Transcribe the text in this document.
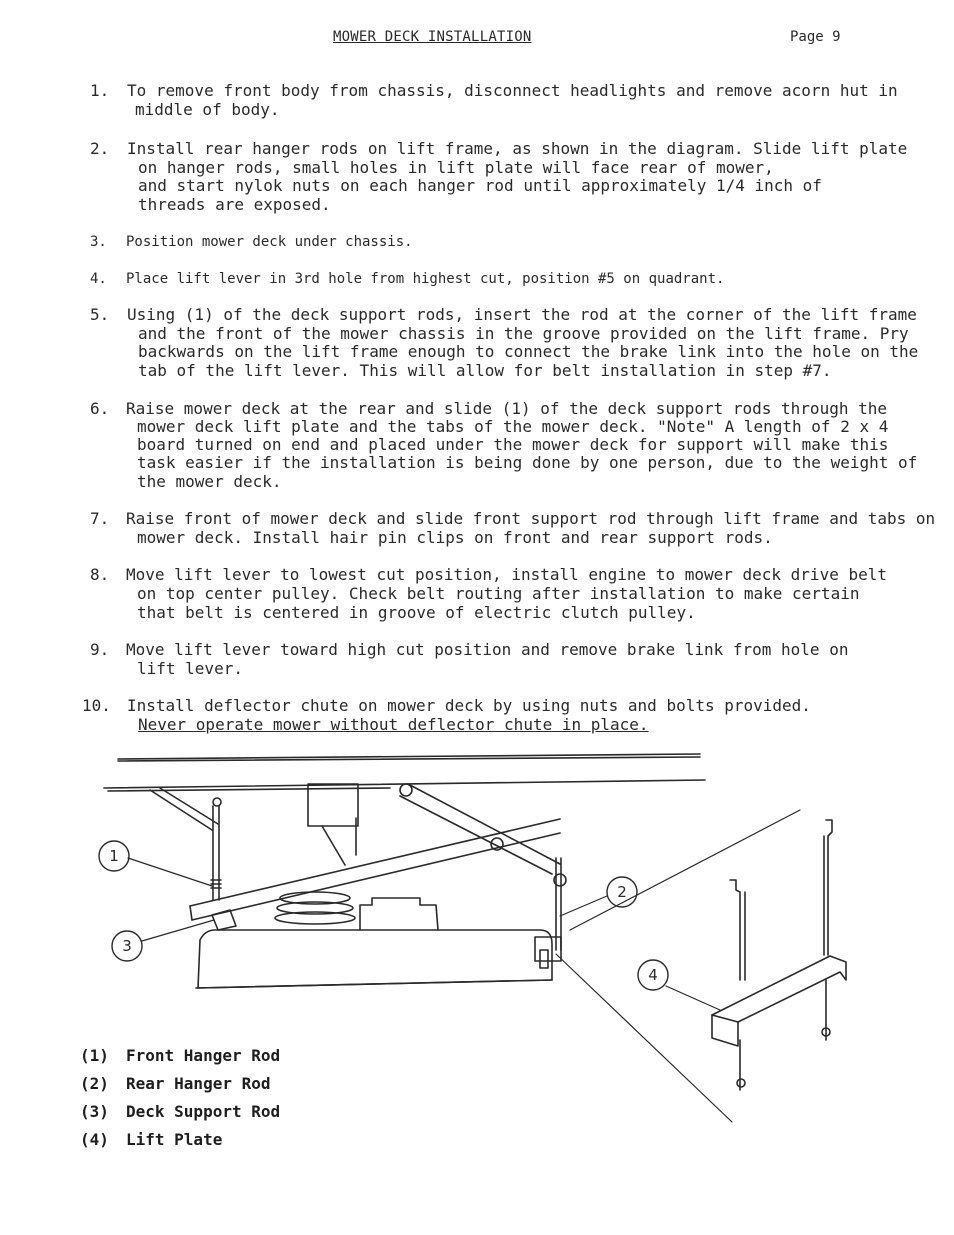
MOWER DECK INSTALLATION	Page 9

1.

To remove front body from chassis, disconnect headlights and remove acorn hut in

middle of body.

2.

Install rear hanger rods on lift frame, as shown in the diagram. Slide lift plate

on hanger rods, small holes in lift plate will face rear of mower,

and start nylok nuts on each hanger rod until approximately 1/4 inch of

threads are exposed.

3.

Position mower deck under chassis.

4.

Place lift lever in 3rd hole from highest cut, position #5 on quadrant.

5.

Using (1) of the deck support rods, insert the rod at the corner of the lift frame

and the front of the mower chassis in the groove provided on the lift frame. Pry

backwards on the lift frame enough to connect the brake link into the hole on the

tab of the lift lever. This will allow for belt installation in step #7.

6.

Raise mower deck at the rear and slide (1) of the deck support rods through the

mower deck lift plate and the tabs of the mower deck. "Note" A length of 2 x 4

board turned on end and placed under the mower deck for support will make this

task easier if the installation is being done by one person, due to the weight of

the mower deck.

7.

Raise front of mower deck and slide front support rod through lift frame and tabs on

mower deck. Install hair pin clips on front and rear support rods.

8.

Move lift lever to lowest cut position, install engine to mower deck drive belt

on top center pulley. Check belt routing after installation to make certain

that belt is centered in groove of electric clutch pulley.

9.

Move lift lever toward high cut position and remove brake link from hole on

lift lever.

10.

Install deflector chute on mower deck by using nuts and bolts provided.

Never operate mower without deflector chute in place.

1
2
3
4
(1) Front Hanger Rod
(2) Rear Hanger Rod
(3) Deck Support Rod
(4) Lift Plate
